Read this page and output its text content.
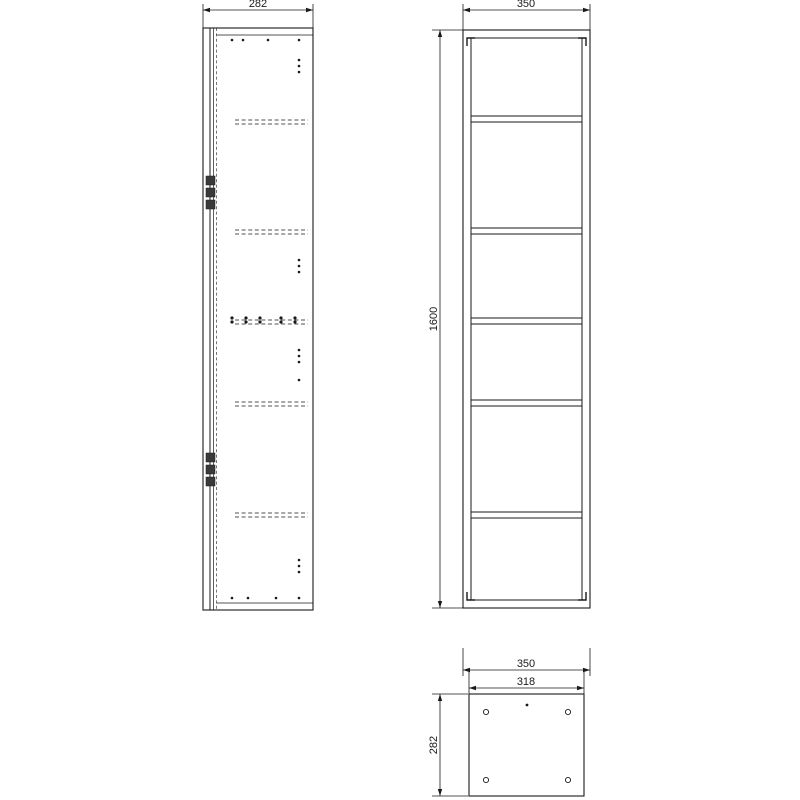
282	350
1600
350
318
282
